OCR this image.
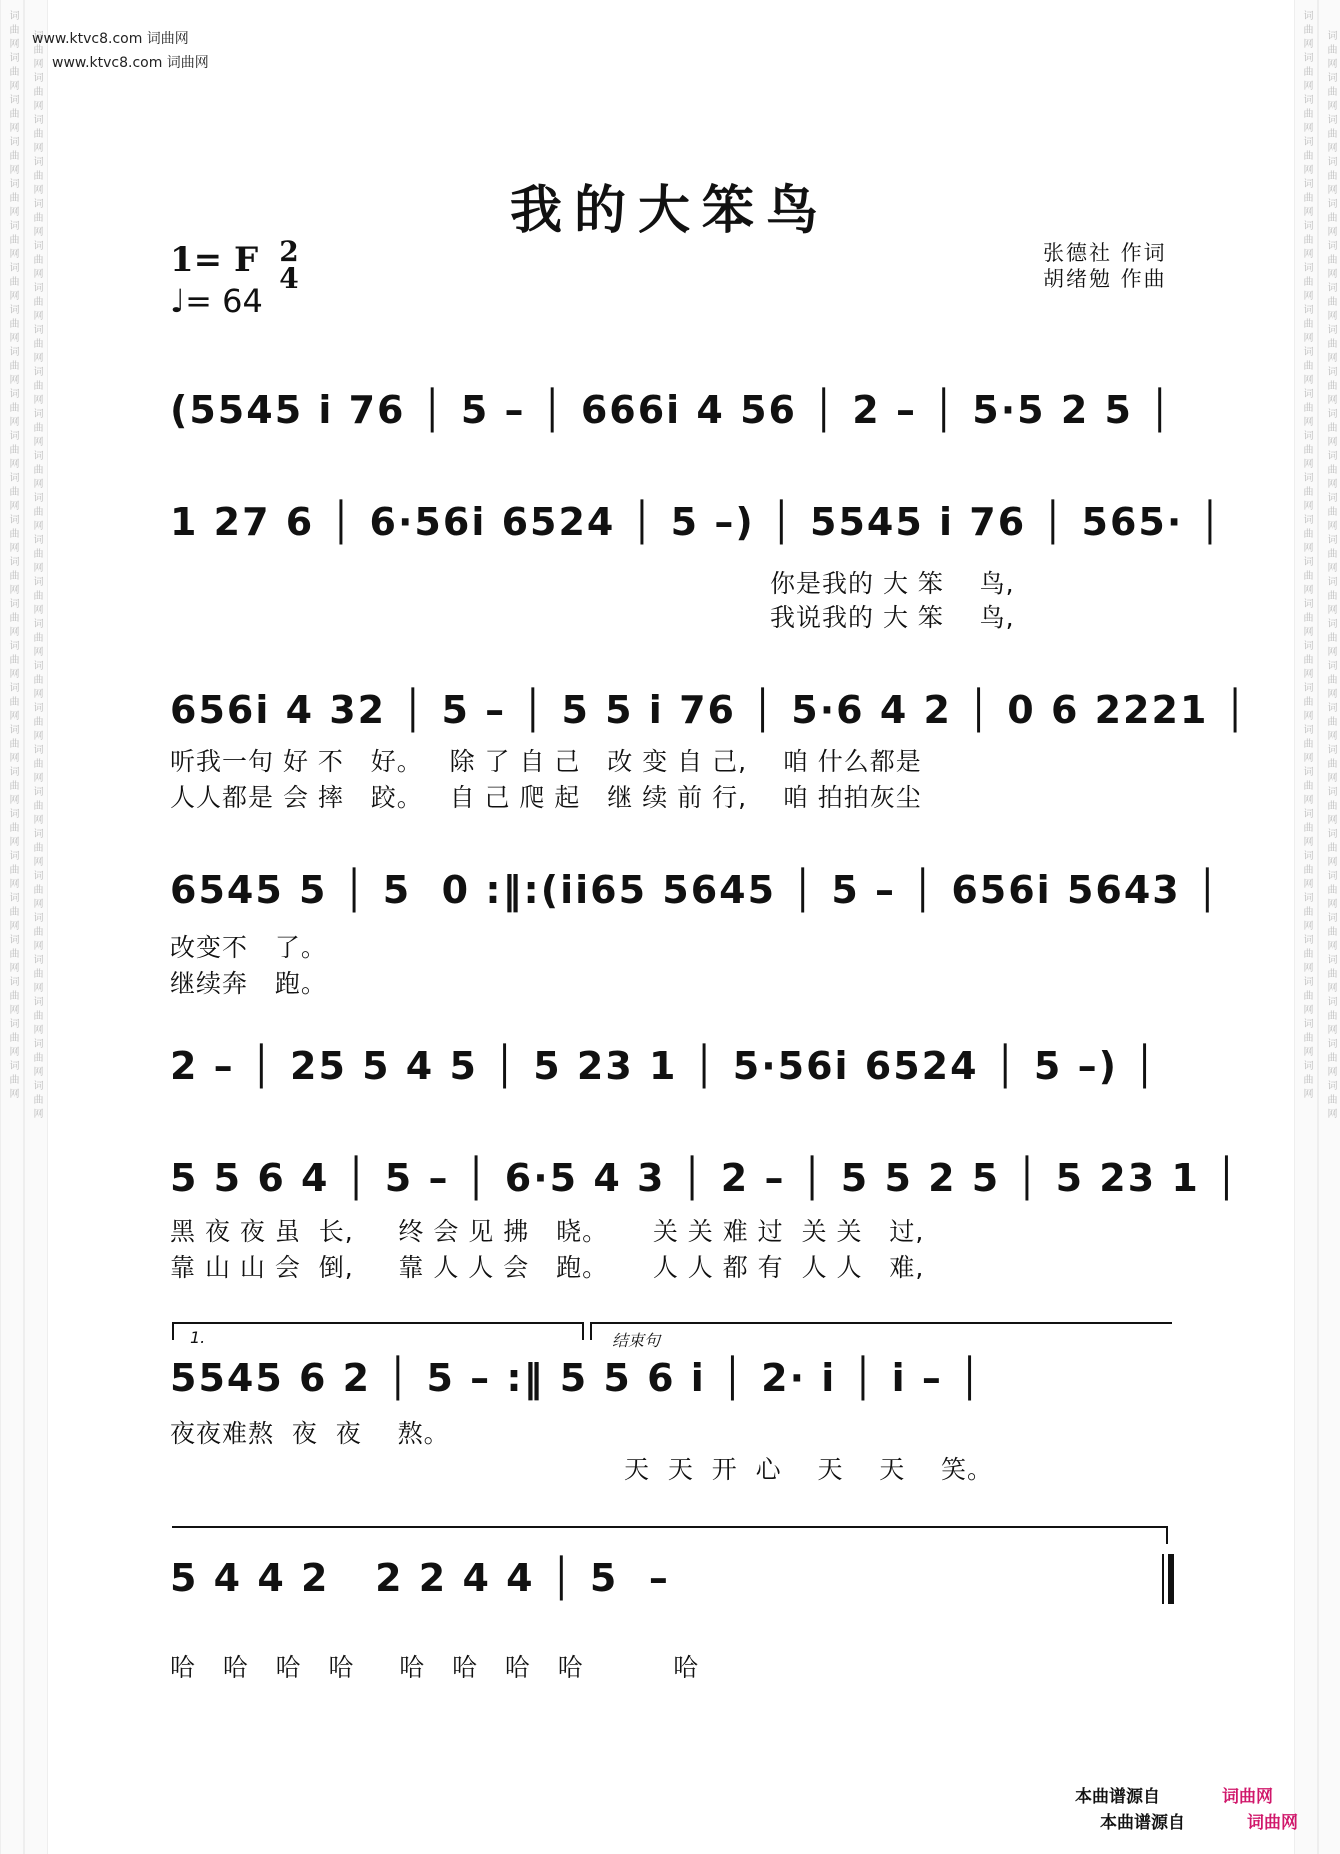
词曲网词曲网词曲网词曲网词曲网词曲网词曲网词曲网词曲网词曲网词曲网词曲网词曲网词曲网词曲网词曲网词曲网词曲网词曲网词曲网词曲网词曲网词曲网词曲网词曲网词曲网 词曲网词曲网词曲网词曲网词曲网词曲网词曲网词曲网词曲网词曲网词曲网词曲网词曲网词曲网词曲网词曲网词曲网词曲网词曲网词曲网词曲网词曲网词曲网词曲网词曲网词曲网	词曲网词曲网词曲网词曲网词曲网词曲网词曲网词曲网词曲网词曲网词曲网词曲网词曲网词曲网词曲网词曲网词曲网词曲网词曲网词曲网词曲网词曲网词曲网词曲网词曲网词曲网 词曲网词曲网词曲网词曲网词曲网词曲网词曲网词曲网词曲网词曲网词曲网词曲网词曲网词曲网词曲网词曲网词曲网词曲网词曲网词曲网词曲网词曲网词曲网词曲网词曲网词曲网
www.ktvc8.com 词曲网
www.ktvc8.com 词曲网
我的大笨鸟
张德社 作词
胡绪勉 作曲
1= F 2
4
♩= 64
(5545 i 76 │ 5 – │ 666i 4 56 │ 2 – │ 5·5 2 5 │
1 27 6 │ 6·56i 6524 │ 5 –) │ 5545 i 76 │ 565· │
你是我的 大 笨    鸟,
我说我的 大 笨    鸟,
656i 4 32 │ 5 – │ 5 5 i 76 │ 5·6 4 2 │ 0 6 2221 │
听我一句 好 不   好。   除 了 自 己   改 变 自 己,    咱 什么都是
人人都是 会 摔   跤。   自 己 爬 起   继 续 前 行,    咱 拍拍灰尘
6545 5 │ 5  0 :‖:(ii65 5645 │ 5 – │ 656i 5643 │
改变不   了。
继续奔   跑。
2 – │ 25 5 4 5 │ 5 23 1 │ 5·56i 6524 │ 5 –) │
5 5 6 4 │ 5 – │ 6·5 4 3 │ 2 – │ 5 5 2 5 │ 5 23 1 │
黑 夜 夜 虽  长,     终 会 见 拂   晓。     关 关 难 过  关 关   过,
靠 山 山 会  倒,     靠 人 人 会   跑。     人 人 都 有  人 人   难,
1.	结束句
5545 6 2 │ 5 – :‖ 5 5 6 i │ 2· i │ i – │
夜夜难熬  夜  夜    熬。
天  天  开  心    天    天    笑。
5 4 4 2   2 2 4 4 │ 5  –
哈   哈   哈   哈     哈   哈   哈   哈          哈
本曲谱源自	词曲网
本曲谱源自	词曲网
